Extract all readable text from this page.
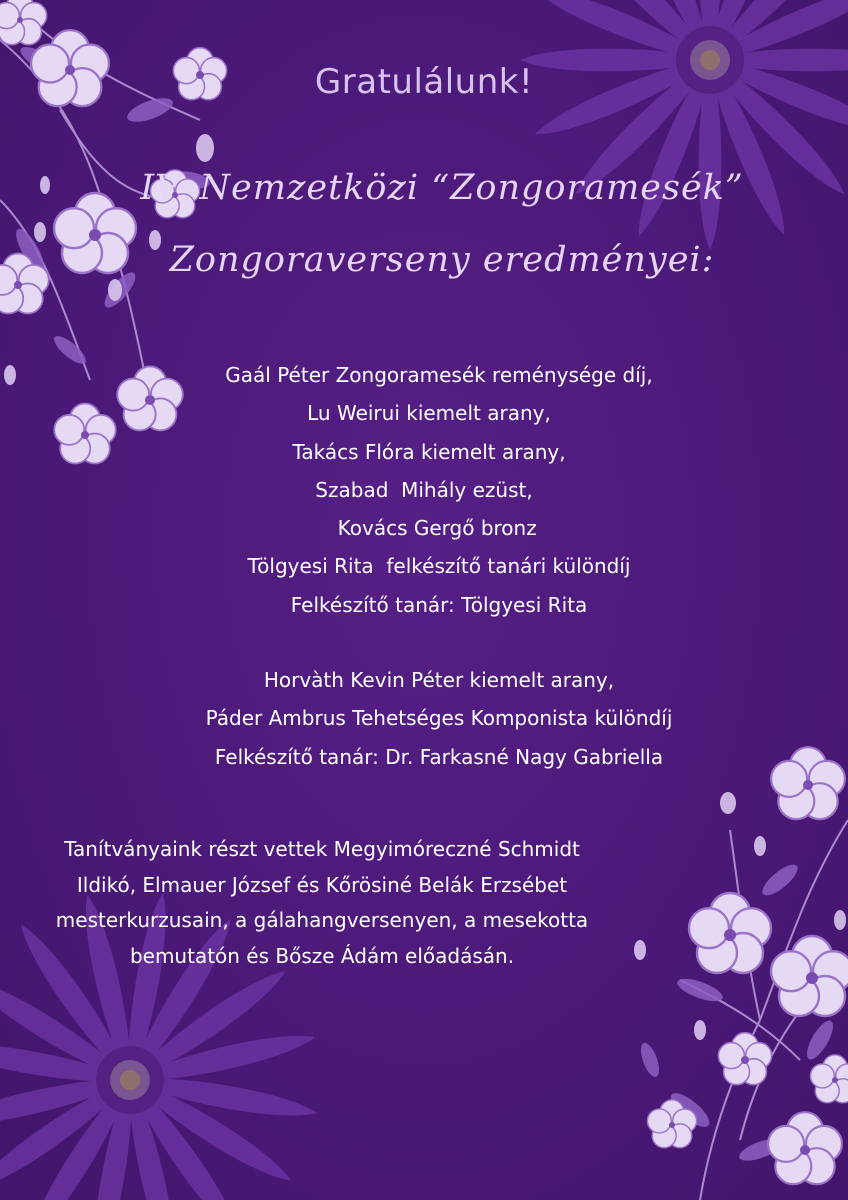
Gratulálunk!
IV. Nemzetközi “Zongoramesék”
Zongoraverseny eredményei:
Gaál Péter Zongoramesék reménysége díj,
Lu Weirui kiemelt arany,
Takács Flóra kiemelt arany,
Szabad  Mihály ezüst,
Kovács Gergő bronz
Tölgyesi Rita  felkészítő tanári különdíj
Felkészítő tanár: Tölgyesi Rita
Horvàth Kevin Péter kiemelt arany,
Páder Ambrus Tehetséges Komponista különdíj
Felkészítő tanár: Dr. Farkasné Nagy Gabriella
Tanítványaink részt vettek Megyimóreczné Schmidt
Ildikó, Elmauer József és Kőrösiné Belák Erzsébet
mesterkurzusain, a gálahangversenyen, a mesekotta
bemutatón és Bősze Ádám előadásán.
